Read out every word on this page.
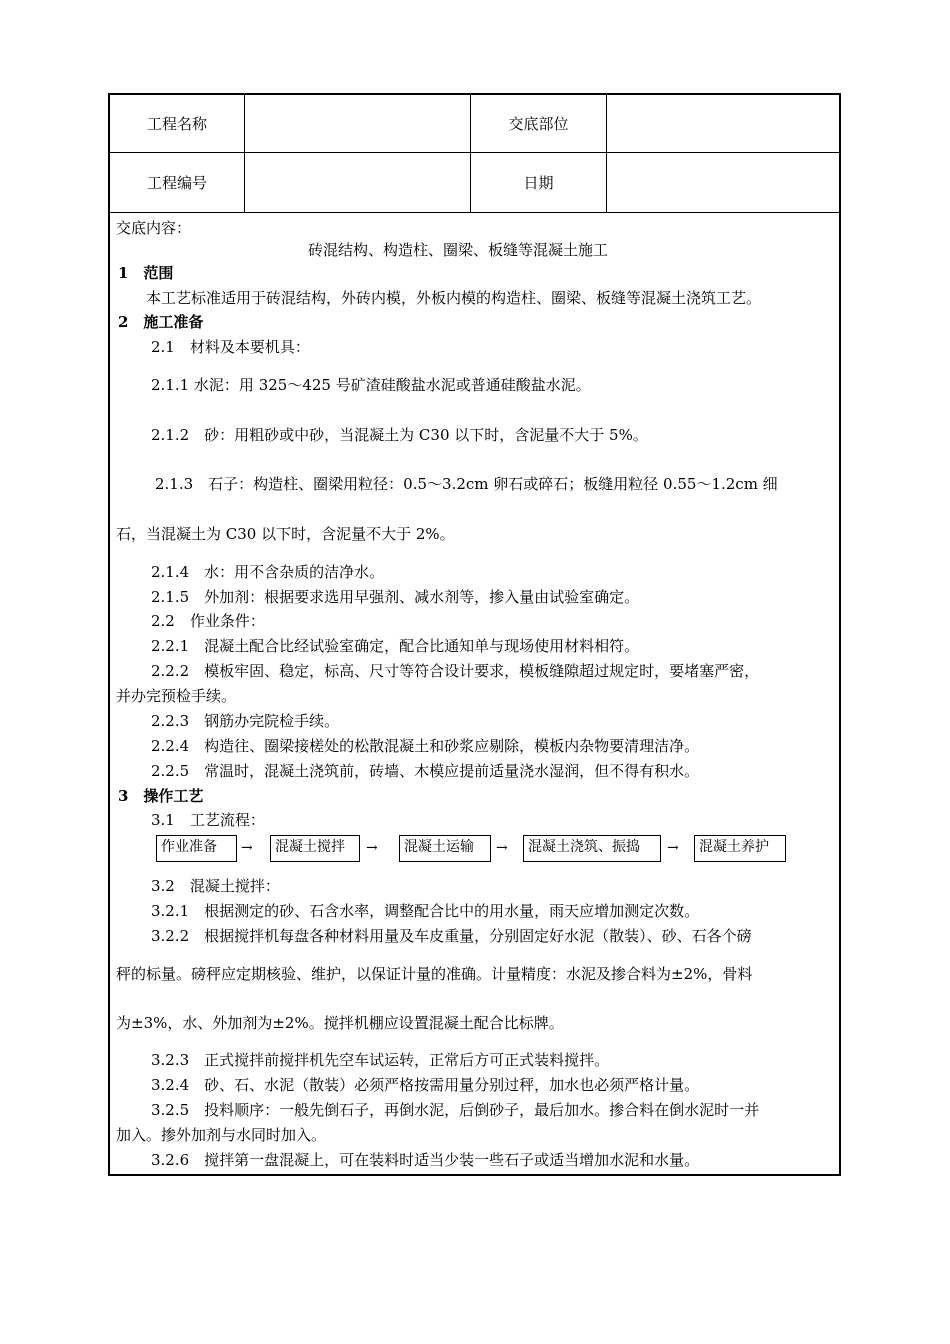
工程名称	交底部位
工程编号	日期
交底内容：
砖混结构、构造柱、圈梁、板缝等混凝土施工
1　范围
本工艺标准适用于砖混结构，外砖内模，外板内模的构造柱、圈梁、板缝等混凝土浇筑工艺。
2　施工准备
2.1　材料及本要机具：
2.1.1 水泥：用 325～425 号矿渣硅酸盐水泥或普通硅酸盐水泥。
2.1.2　砂：用粗砂或中砂，当混凝土为 C30 以下时，含泥量不大于 5%。
2.1.3　石子：构造柱、圈梁用粒径：0.5～3.2cm 卵石或碎石；板缝用粒径 0.55～1.2cm 细
石，当混凝土为 C30 以下时，含泥量不大于 2%。
2.1.4　水：用不含杂质的洁净水。
2.1.5　外加剂：根据要求选用早强剂、减水剂等，掺入量由试验室确定。
2.2　作业条件：
2.2.1　混凝土配合比经试验室确定，配合比通知单与现场使用材料相符。
2.2.2　模板牢固、稳定，标高、尺寸等符合设计要求，模板缝隙超过规定时，要堵塞严密，
并办完预检手续。
2.2.3　钢筋办完院检手续。
2.2.4　构造往、圈梁接槎处的松散混凝土和砂浆应剔除，模板内杂物要清理洁净。
2.2.5　常温时，混凝土浇筑前，砖墙、木模应提前适量浇水湿润，但不得有积水。
3　操作工艺
3.1　工艺流程：
作业准备	→	混凝土搅拌	→	混凝土运输	→	混凝土浇筑、振捣	→	混凝土养护
3.2　混凝土搅拌：
3.2.1　根据测定的砂、石含水率，调整配合比中的用水量，雨天应增加测定次数。
3.2.2　根据搅拌机每盘各种材料用量及车皮重量，分别固定好水泥（散装）、砂、石各个磅
秤的标量。磅秤应定期核验、维护，以保证计量的准确。计量精度：水泥及掺合料为±2%，骨料
为±3%，水、外加剂为±2%。搅拌机棚应设置混凝土配合比标牌。
3.2.3　正式搅拌前搅拌机先空车试运转，正常后方可正式装料搅拌。
3.2.4　砂、石、水泥（散装）必须严格按需用量分别过秤，加水也必须严格计量。
3.2.5　投料顺序：一般先倒石子，再倒水泥，后倒砂子，最后加水。掺合料在倒水泥时一并
加入。掺外加剂与水同时加入。
3.2.6　搅拌第一盘混凝上，可在装料时适当少装一些石子或适当增加水泥和水量。
